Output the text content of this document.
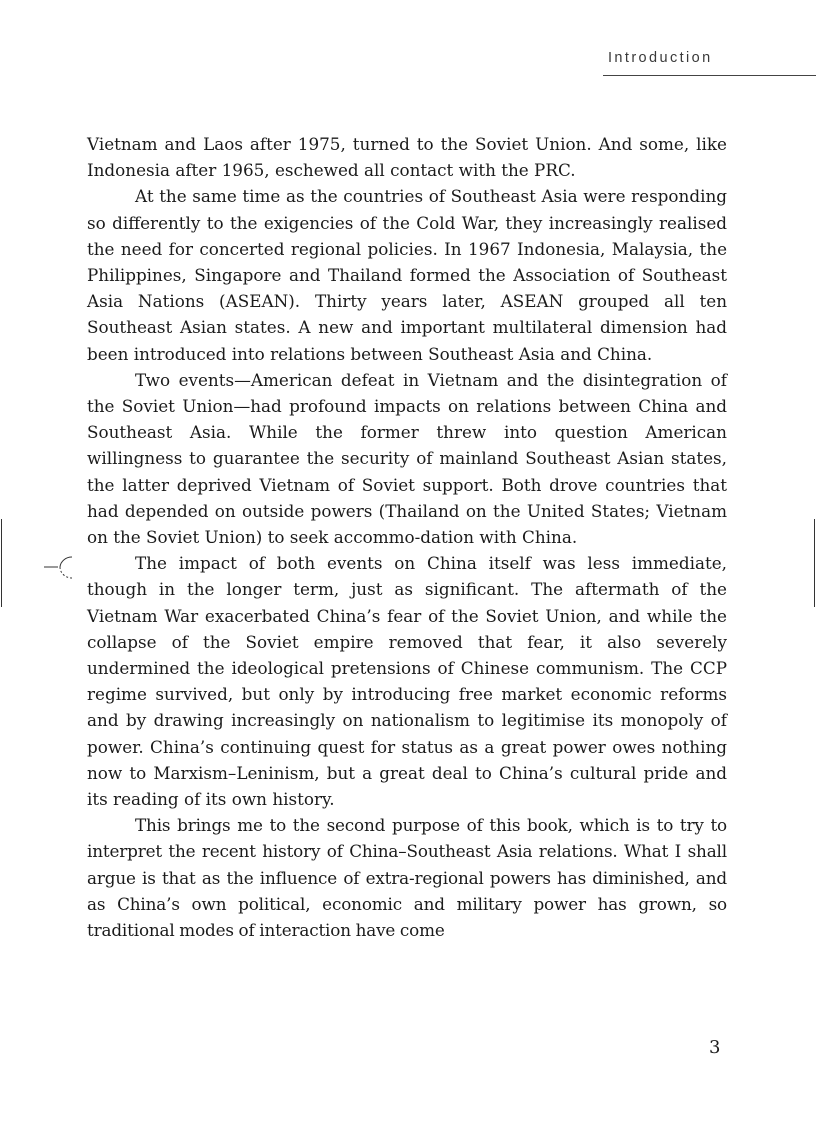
Introduction

Vietnam and Laos after 1975, turned to the Soviet Union. And some, like Indonesia after 1965, eschewed all contact with the PRC.

At the same time as the countries of Southeast Asia were responding so differently to the exigencies of the Cold War, they increasingly realised the need for concerted regional policies. In 1967 Indonesia, Malaysia, the Philippines, Singapore and Thailand formed the Association of Southeast Asia Nations (ASEAN). Thirty years later, ASEAN grouped all ten Southeast Asian states. A new and important multilateral dimension had been introduced into relations between Southeast Asia and China.

Two events—American defeat in Vietnam and the disintegration of the Soviet Union—had profound impacts on relations between China and Southeast Asia. While the former threw into question American willingness to guarantee the security of mainland Southeast Asian states, the latter deprived Vietnam of Soviet support. Both drove countries that had depended on outside powers (Thailand on the United States; Vietnam on the Soviet Union) to seek accommo-dation with China.

The impact of both events on China itself was less immediate, though in the longer term, just as significant. The aftermath of the Vietnam War exacerbated China’s fear of the Soviet Union, and while the collapse of the Soviet empire removed that fear, it also severely undermined the ideological pretensions of Chinese communism. The CCP regime survived, but only by introducing free market economic reforms and by drawing increasingly on nationalism to legitimise its monopoly of power. China’s continuing quest for status as a great power owes nothing now to Marxism–Leninism, but a great deal to China’s cultural pride and its reading of its own history.

This brings me to the second purpose of this book, which is to try to interpret the recent history of China–Southeast Asia relations. What I shall argue is that as the influence of extra-regional powers has diminished, and as China’s own political, economic and military power has grown, so traditional modes of interaction have come

3
